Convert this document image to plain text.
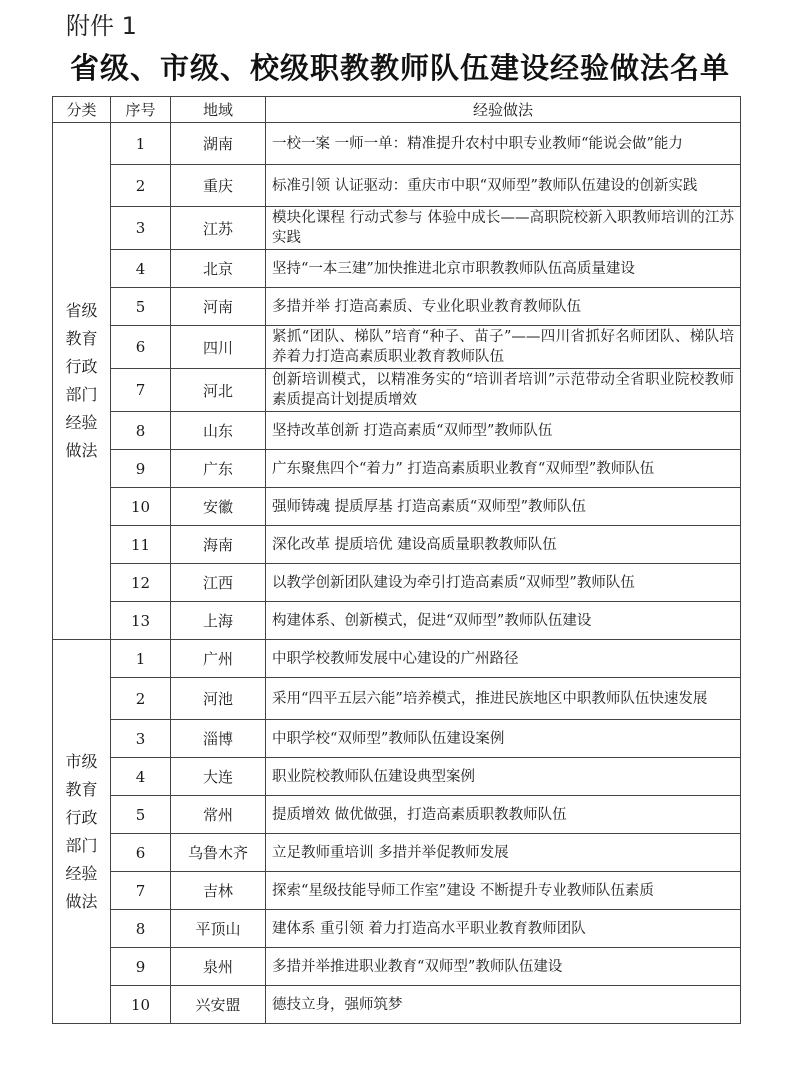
附件 1
省级、市级、校级职教教师队伍建设经验做法名单
分类	序号	地域	经验做法
省级
教育
行政
部门
经验
做法	1	湖南	一校一案 一师一单：精准提升农村中职专业教师“能说会做”能力
	2	重庆	标准引领 认证驱动：重庆市中职“双师型”教师队伍建设的创新实践
	3	江苏	模块化课程 行动式参与 体验中成长——高职院校新入职教师培训的江苏实践
	4	北京	坚持“一本三建”加快推进北京市职教教师队伍高质量建设
	5	河南	多措并举 打造高素质、专业化职业教育教师队伍
	6	四川	紧抓“团队、梯队”培育“种子、苗子”——四川省抓好名师团队、梯队培养着力打造高素质职业教育教师队伍
	7	河北	创新培训模式，以精准务实的“培训者培训”示范带动全省职业院校教师素质提高计划提质增效
	8	山东	坚持改革创新 打造高素质“双师型”教师队伍
	9	广东	广东聚焦四个“着力” 打造高素质职业教育“双师型”教师队伍
	10	安徽	强师铸魂 提质厚基 打造高素质“双师型”教师队伍
	11	海南	深化改革 提质培优 建设高质量职教教师队伍
	12	江西	以教学创新团队建设为牵引打造高素质“双师型”教师队伍
	13	上海	构建体系、创新模式，促进“双师型”教师队伍建设
市级
教育
行政
部门
经验
做法	1	广州	中职学校教师发展中心建设的广州路径
	2	河池	采用“四平五层六能”培养模式，推进民族地区中职教师队伍快速发展
	3	淄博	中职学校“双师型”教师队伍建设案例
	4	大连	职业院校教师队伍建设典型案例
	5	常州	提质增效 做优做强，打造高素质职教教师队伍
	6	乌鲁木齐	立足教师重培训 多措并举促教师发展
	7	吉林	探索“星级技能导师工作室”建设 不断提升专业教师队伍素质
	8	平顶山	建体系 重引领 着力打造高水平职业教育教师团队
	9	泉州	多措并举推进职业教育“双师型”教师队伍建设
	10	兴安盟	德技立身，强师筑梦
